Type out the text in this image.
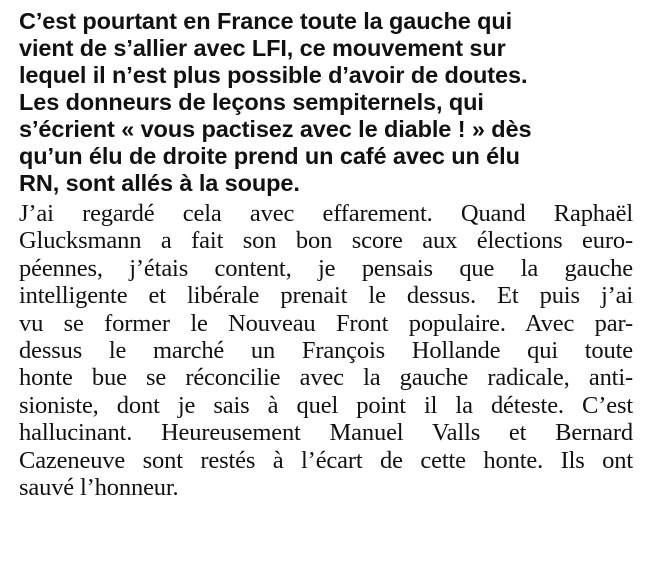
C’est pourtant en France toute la gauche qui
vient de s’allier avec LFI, ce mouvement sur
lequel il n’est plus possible d’avoir de doutes.
Les donneurs de leçons sempiternels, qui
s’écrient « vous pactisez avec le diable ! » dès
qu’un élu de droite prend un café avec un élu
RN, sont allés à la soupe.

J’ai regardé cela avec effarement. Quand Raphaël
Glucksmann a fait son bon score aux élections euro-
péennes, j’étais content, je pensais que la gauche
intelligente et libérale prenait le dessus. Et puis j’ai
vu se former le Nouveau Front populaire. Avec par-
dessus le marché un François Hollande qui toute
honte bue se réconcilie avec la gauche radicale, anti-
sioniste, dont je sais à quel point il la déteste. C’est
hallucinant. Heureusement Manuel Valls et Bernard
Cazeneuve sont restés à l’écart de cette honte. Ils ont
sauvé l’honneur.
